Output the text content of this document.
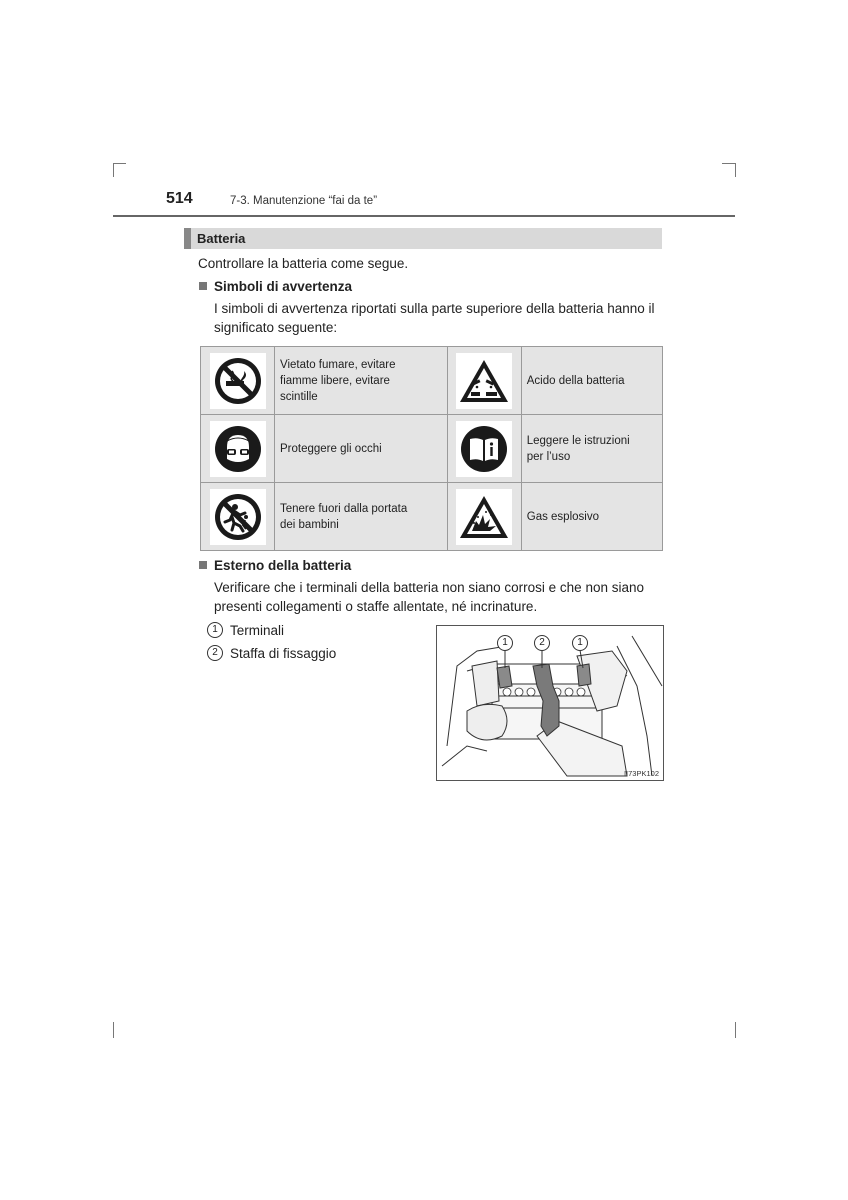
514	7-3. Manutenzione “fai da te”
Batteria
Controllare la batteria come segue.
Simboli di avvertenza
I simboli di avvertenza riportati sulla parte superiore della batteria hanno il
significato seguente:

Vietato fumare, evitare
fiamme libere, evitare
scintille		Acido della batteria

Proteggere gli occhi		Leggere le istruzioni
per l’uso

Tenere fuori dalla portata
dei bambini		Gas esplosivo
Esterno della batteria
Verificare che i terminali della batteria non siano corrosi e che non siano
presenti collegamenti o staffe allentate, né incrinature.
1 Terminali
2 Staffa di fissaggio
1	2	1
II73PK102
